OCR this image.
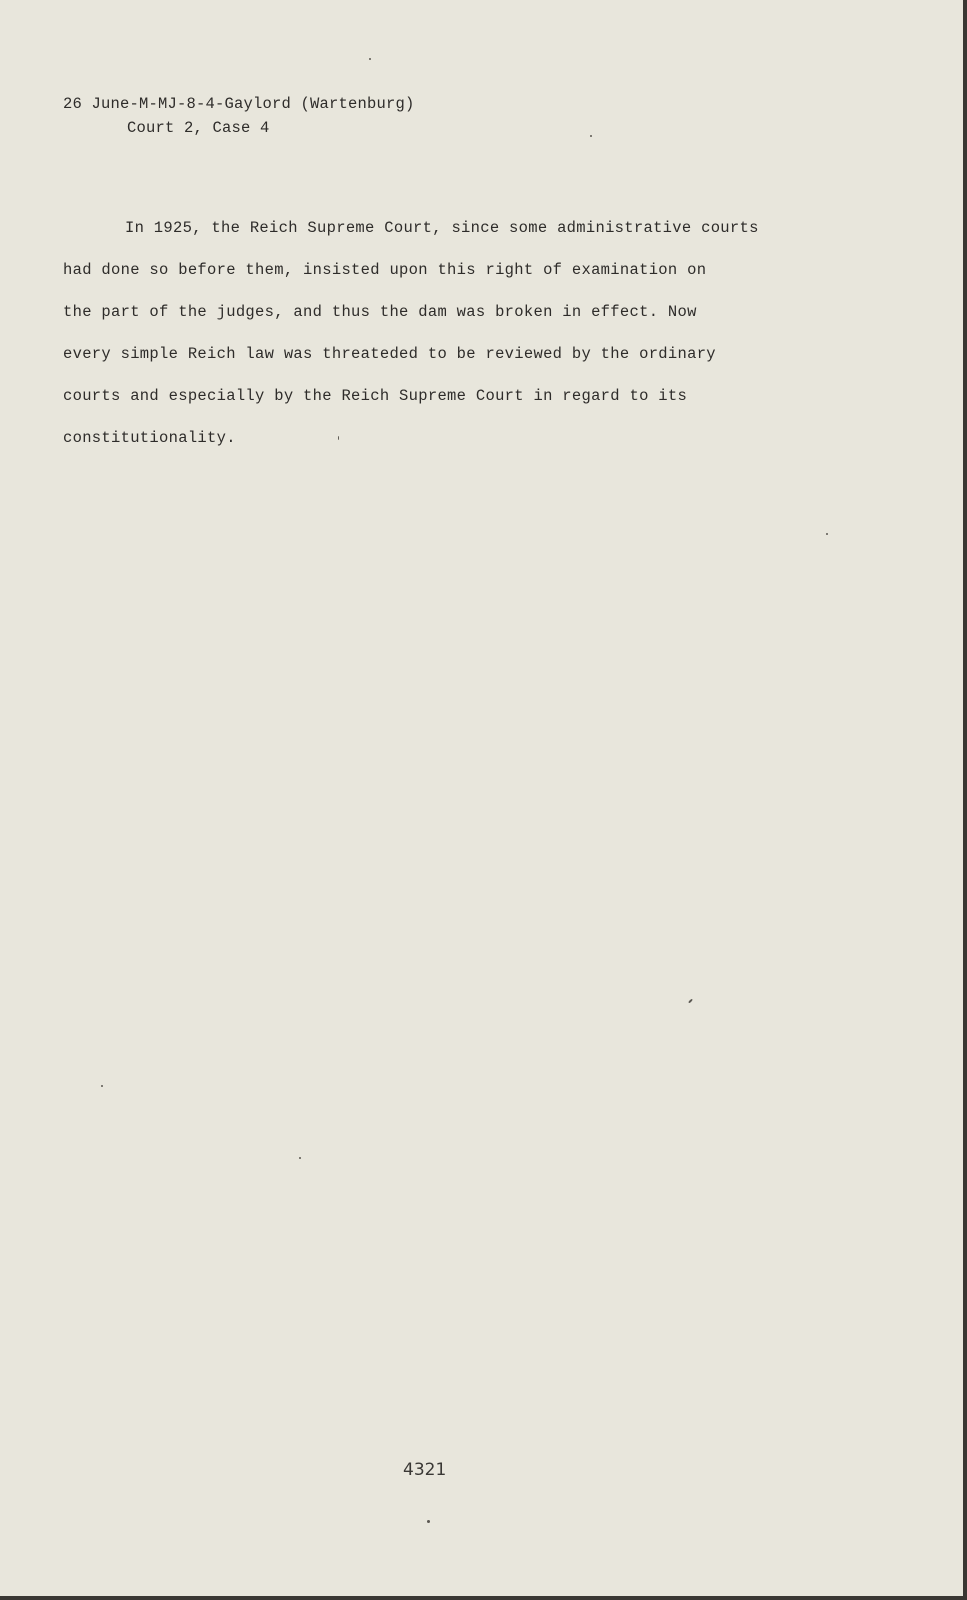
26 June-M-MJ-8-4-Gaylord (Wartenburg)
Court 2, Case 4
In 1925, the Reich Supreme Court, since some administrative courts
had done so before them, insisted upon this right of examination on
the part of the judges, and thus the dam was broken in effect. Now
every simple Reich law was threateded to be reviewed by the ordinary
courts and especially by the Reich Supreme Court in regard to its
constitutionality.
4321
